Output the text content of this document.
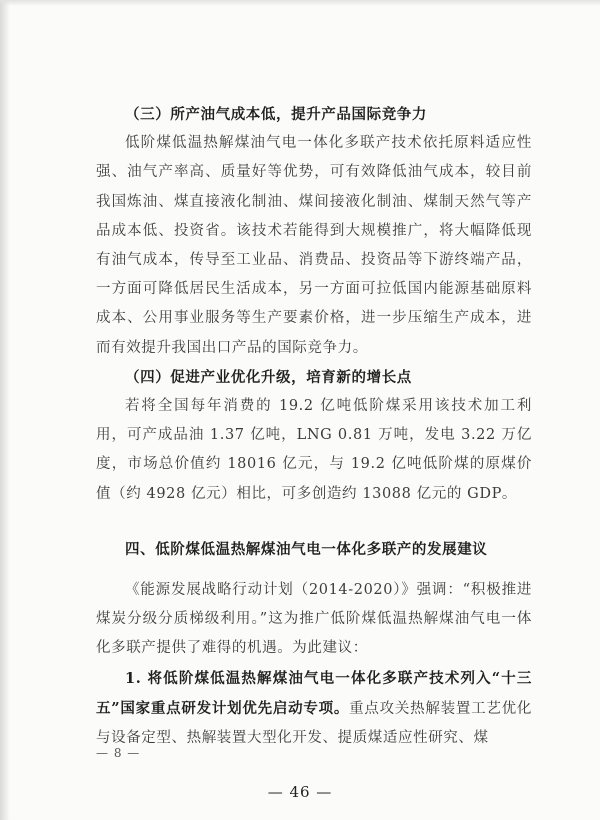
（三）所产油气成本低，提升产品国际竞争力

低阶煤低温热解煤油气电一体化多联产技术依托原料适应性强、油气产率高、质量好等优势，可有效降低油气成本，较目前我国炼油、煤直接液化制油、煤间接液化制油、煤制天然气等产品成本低、投资省。该技术若能得到大规模推广，将大幅降低现有油气成本，传导至工业品、消费品、投资品等下游终端产品，一方面可降低居民生活成本，另一方面可拉低国内能源基础原料成本、公用事业服务等生产要素价格，进一步压缩生产成本，进而有效提升我国出口产品的国际竞争力。

（四）促进产业优化升级，培育新的增长点

若将全国每年消费的 19.2 亿吨低阶煤采用该技术加工利用，可产成品油 1.37 亿吨，LNG 0.81 万吨，发电 3.22 万亿度，市场总价值约 18016 亿元，与 19.2 亿吨低阶煤的原煤价值（约 4928 亿元）相比，可多创造约 13088 亿元的 GDP。

四、低阶煤低温热解煤油气电一体化多联产的发展建议

《能源发展战略行动计划（2014-2020）》强调：“积极推进煤炭分级分质梯级利用。”这为推广低阶煤低温热解煤油气电一体化多联产提供了难得的机遇。为此建议：

1. 将低阶煤低温热解煤油气电一体化多联产技术列入“十三五”国家重点研发计划优先启动专项。重点攻关热解装置工艺优化与设备定型、热解装置大型化开发、提质煤适应性研究、煤

— 8 —
— 46 —
